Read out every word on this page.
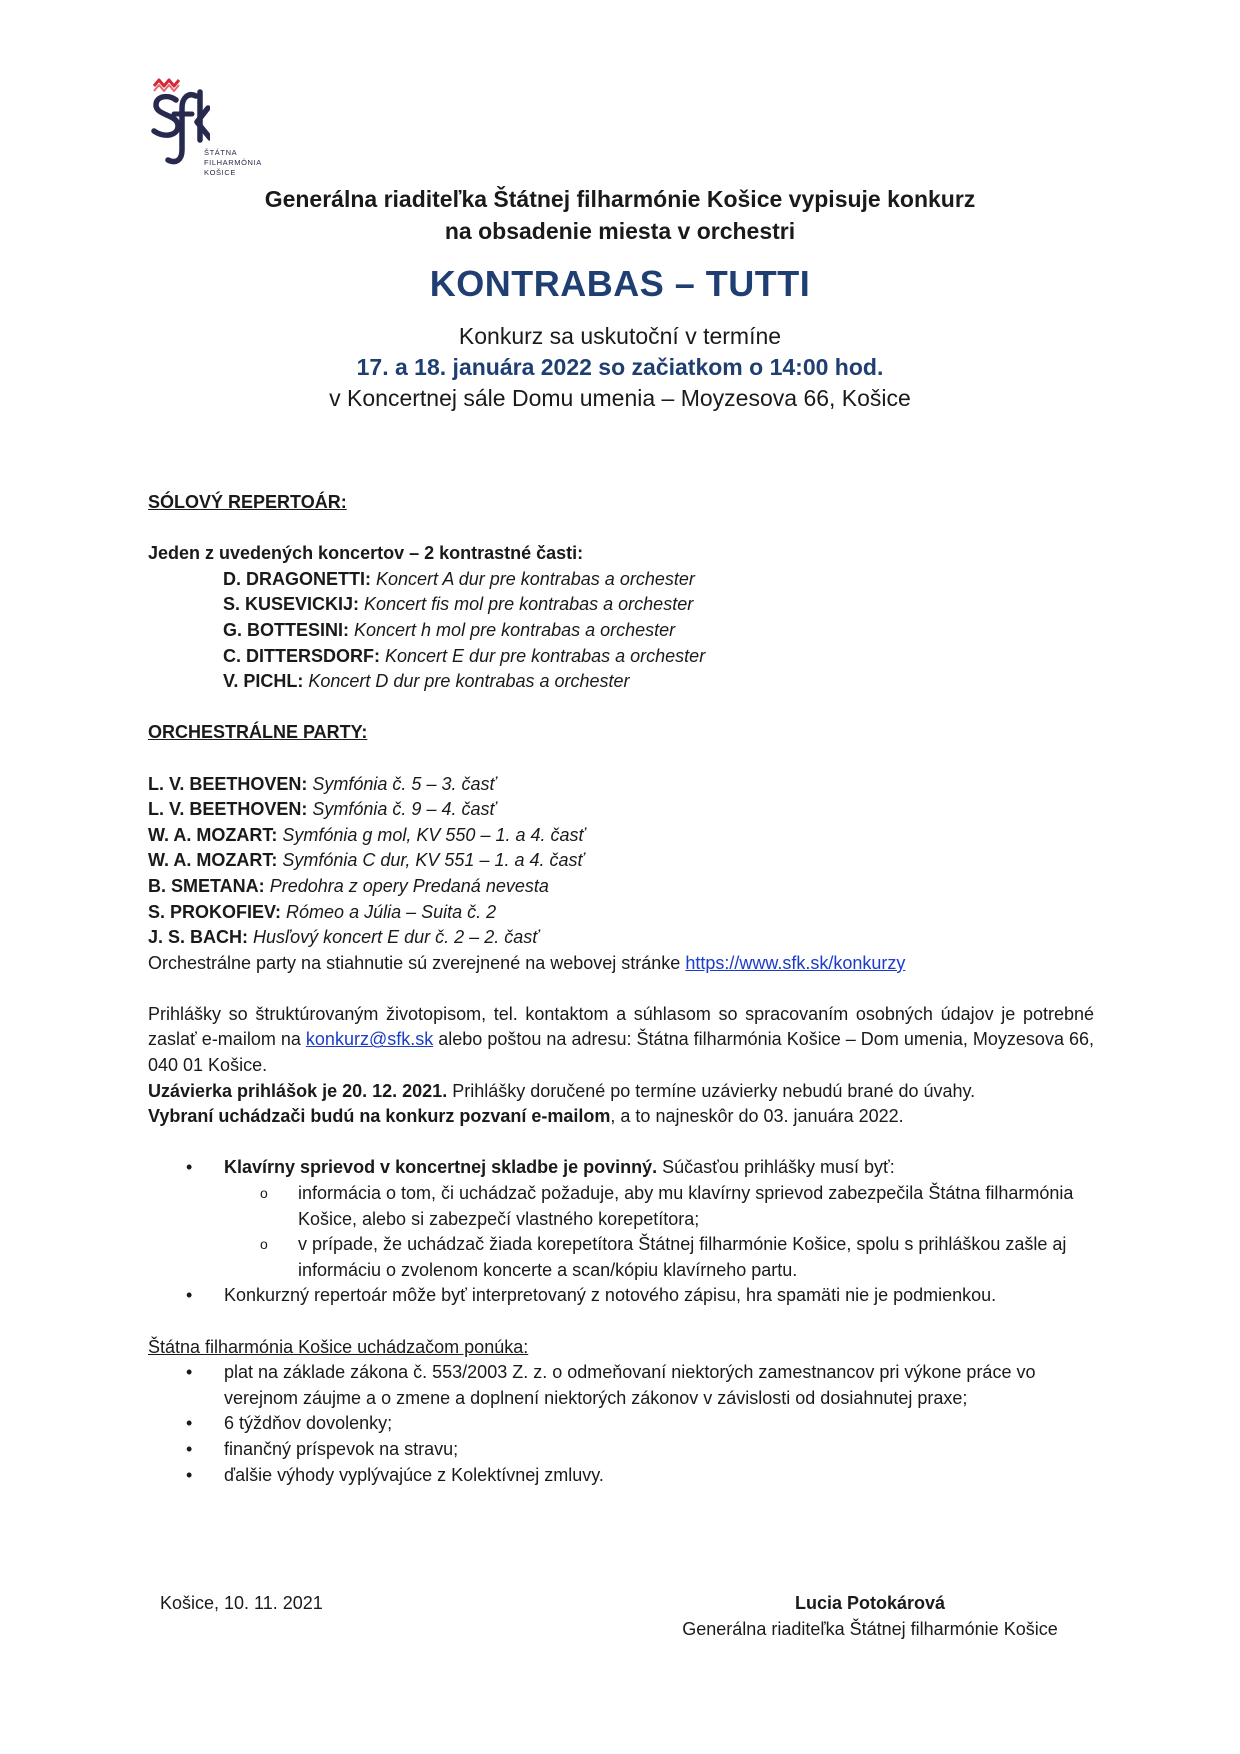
ŠTÁTNA
FILHARMÓNIA
KOŠICE
Generálna riaditeľka Štátnej filharmónie Košice vypisuje konkurz
na obsadenie miesta v orchestri
KONTRABAS – TUTTI
Konkurz sa uskutoční v termíne
17. a 18. januára 2022 so začiatkom o 14:00 hod.
v Koncertnej sále Domu umenia – Moyzesova 66, Košice

SÓLOVÝ REPERTOÁR:

Jeden z uvedených koncertov – 2 kontrastné časti:

D. DRAGONETTI: Koncert A dur pre kontrabas a orchester

S. KUSEVICKIJ: Koncert fis mol pre kontrabas a orchester

G. BOTTESINI: Koncert h mol pre kontrabas a orchester

C. DITTERSDORF: Koncert E dur pre kontrabas a orchester

V. PICHL: Koncert D dur pre kontrabas a orchester

ORCHESTRÁLNE PARTY:

L. V. BEETHOVEN: Symfónia č. 5 – 3. časť

L. V. BEETHOVEN: Symfónia č. 9 – 4. časť

W. A. MOZART: Symfónia g mol, KV 550 – 1. a 4. časť

W. A. MOZART: Symfónia C dur, KV 551 – 1. a 4. časť

B. SMETANA: Predohra z opery Predaná nevesta

S. PROKOFIEV: Rómeo a Júlia – Suita č. 2

J. S. BACH: Husľový koncert E dur č. 2 – 2. časť

Orchestrálne party na stiahnutie sú zverejnené na webovej stránke https://www.sfk.sk/konkurzy

Prihlášky so štruktúrovaným životopisom, tel. kontaktom a súhlasom so spracovaním osobných údajov je potrebné zaslať e-mailom na konkurz@sfk.sk alebo poštou na adresu: Štátna filharmónia Košice – Dom umenia, Moyzesova 66, 040 01 Košice.

Uzávierka prihlášok je 20. 12. 2021. Prihlášky doručené po termíne uzávierky nebudú brané do úvahy.

Vybraní uchádzači budú na konkurz pozvaní e-mailom, a to najneskôr do 03. januára 2022.

• Klavírny sprievod v koncertnej skladbe je povinný. Súčasťou prihlášky musí byť:
o informácia o tom, či uchádzač požaduje, aby mu klavírny sprievod zabezpečila Štátna filharmónia Košice, alebo si zabezpečí vlastného korepetítora;
o v prípade, že uchádzač žiada korepetítora Štátnej filharmónie Košice, spolu s prihláškou zašle aj informáciu o zvolenom koncerte a scan/kópiu klavírneho partu.
• Konkurzný repertoár môže byť interpretovaný z notového zápisu, hra spamäti nie je podmienkou.

Štátna filharmónia Košice uchádzačom ponúka:

• plat na základe zákona č. 553/2003 Z. z. o odmeňovaní niektorých zamestnancov pri výkone práce vo verejnom záujme a o zmene a doplnení niektorých zákonov v závislosti od dosiahnutej praxe;
• 6 týždňov dovolenky;
• finančný príspevok na stravu;
• ďalšie výhody vyplývajúce z Kolektívnej zmluvy.
Košice, 10. 11. 2021	Lucia Potokárová
Generálna riaditeľka Štátnej filharmónie Košice
